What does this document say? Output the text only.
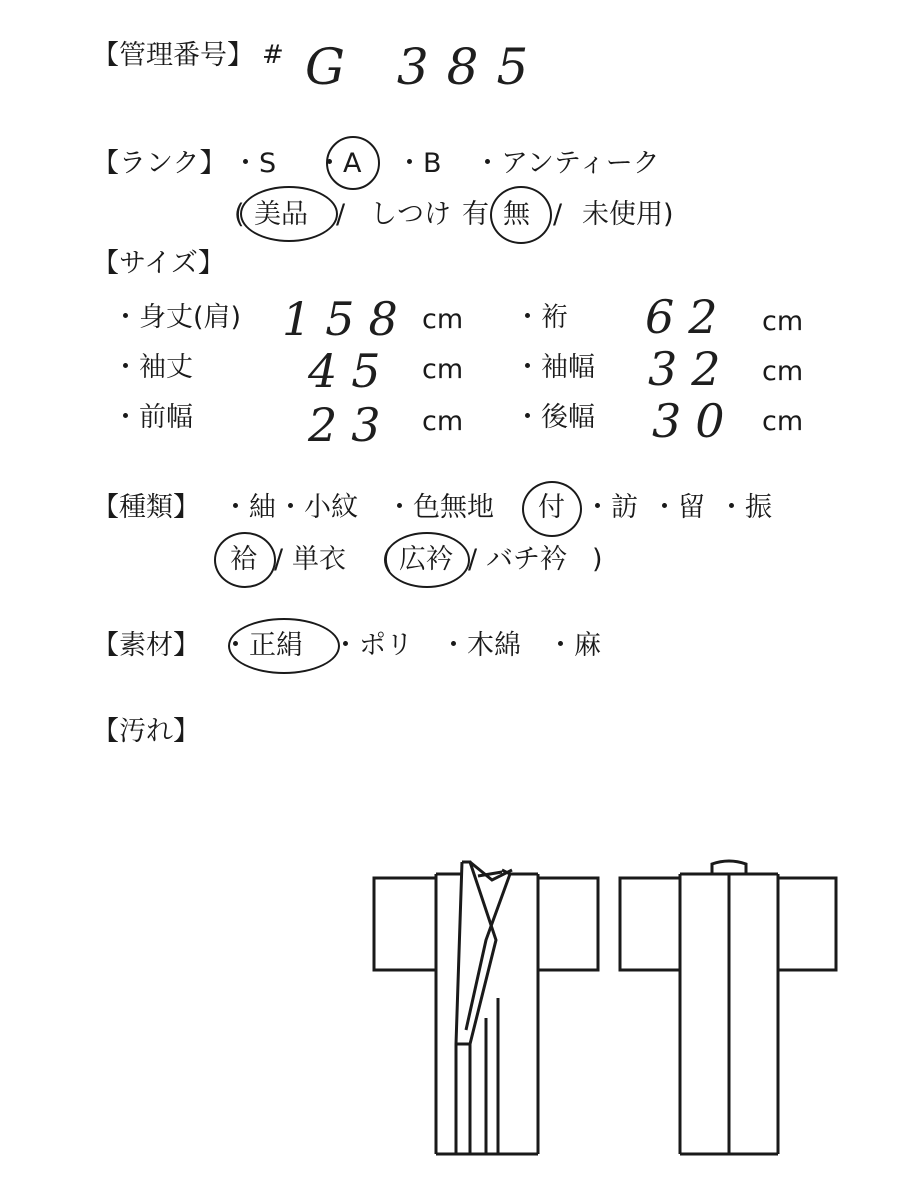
【管理番号】 # G 385
【ランク】 ・S ・ A ・B ・アンティーク
( 美品 / しつけ 有 無 / 未使用)
【サイズ】
・身丈(肩) 158 cm ・裄 62 cm
・袖丈	45 cm ・袖幅 32 cm
・前幅	23 cm ・後幅 30 cm
【種類】 ・紬 ・小紋 ・色無地 付 ・訪 ・留 ・振
袷 / 単衣 ( 広衿 / バチ衿 )
【素材】 ・正絹 ・ポリ ・木綿 ・麻
【汚れ】
